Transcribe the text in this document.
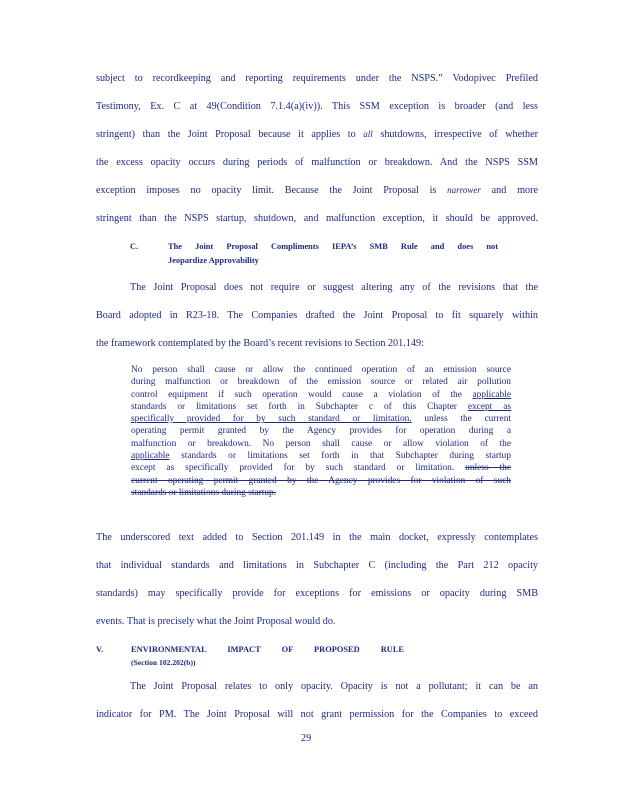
subject to recordkeeping and reporting requirements under the NSPS.” Vodopivec Prefiled
Testimony, Ex. C at 49(Condition 7.1.4(a)(iv)). This SSM exception is broader (and less
stringent) than the Joint Proposal because it applies to all shutdowns, irrespective of whether
the excess opacity occurs during periods of malfunction or breakdown. And the NSPS SSM
exception imposes no opacity limit. Because the Joint Proposal is narrower and more
stringent than the NSPS startup, shutdown, and malfunction exception, it should be approved.
C.	The Joint Proposal Compliments IEPA’s SMB Rule and does not
Jeopardize Approvability
The Joint Proposal does not require or suggest altering any of the revisions that the
Board adopted in R23-18. The Companies drafted the Joint Proposal to fit squarely within
the framework contemplated by the Board’s recent revisions to Section 201.149:
No person shall cause or allow the continued operation of an emission source
during malfunction or breakdown of the emission source or related air pollution
control equipment if such operation would cause a violation of the applicable
standards or limitations set forth in Subchapter c of this Chapter except as
specifically provided for by such standard or limitation. unless the current
operating permit granted by the Agency provides for operation during a
malfunction or breakdown. No person shall cause or allow violation of the
applicable standards or limitations set forth in that Subchapter during startup
except as specifically provided for by such standard or limitation. unless the
current operating permit granted by the Agency provides for violation of such
standards or limitations during startup.
The underscored text added to Section 201.149 in the main docket, expressly contemplates
that individual standards and limitations in Subchapter C (including the Part 212 opacity
standards) may specifically provide for exceptions for emissions or opacity during SMB
events. That is precisely what the Joint Proposal would do.
V.	ENVIRONMENTAL IMPACT OF PROPOSED RULE
(Section 102.202(b))
The Joint Proposal relates to only opacity. Opacity is not a pollutant; it can be an
indicator for PM. The Joint Proposal will not grant permission for the Companies to exceed
29
